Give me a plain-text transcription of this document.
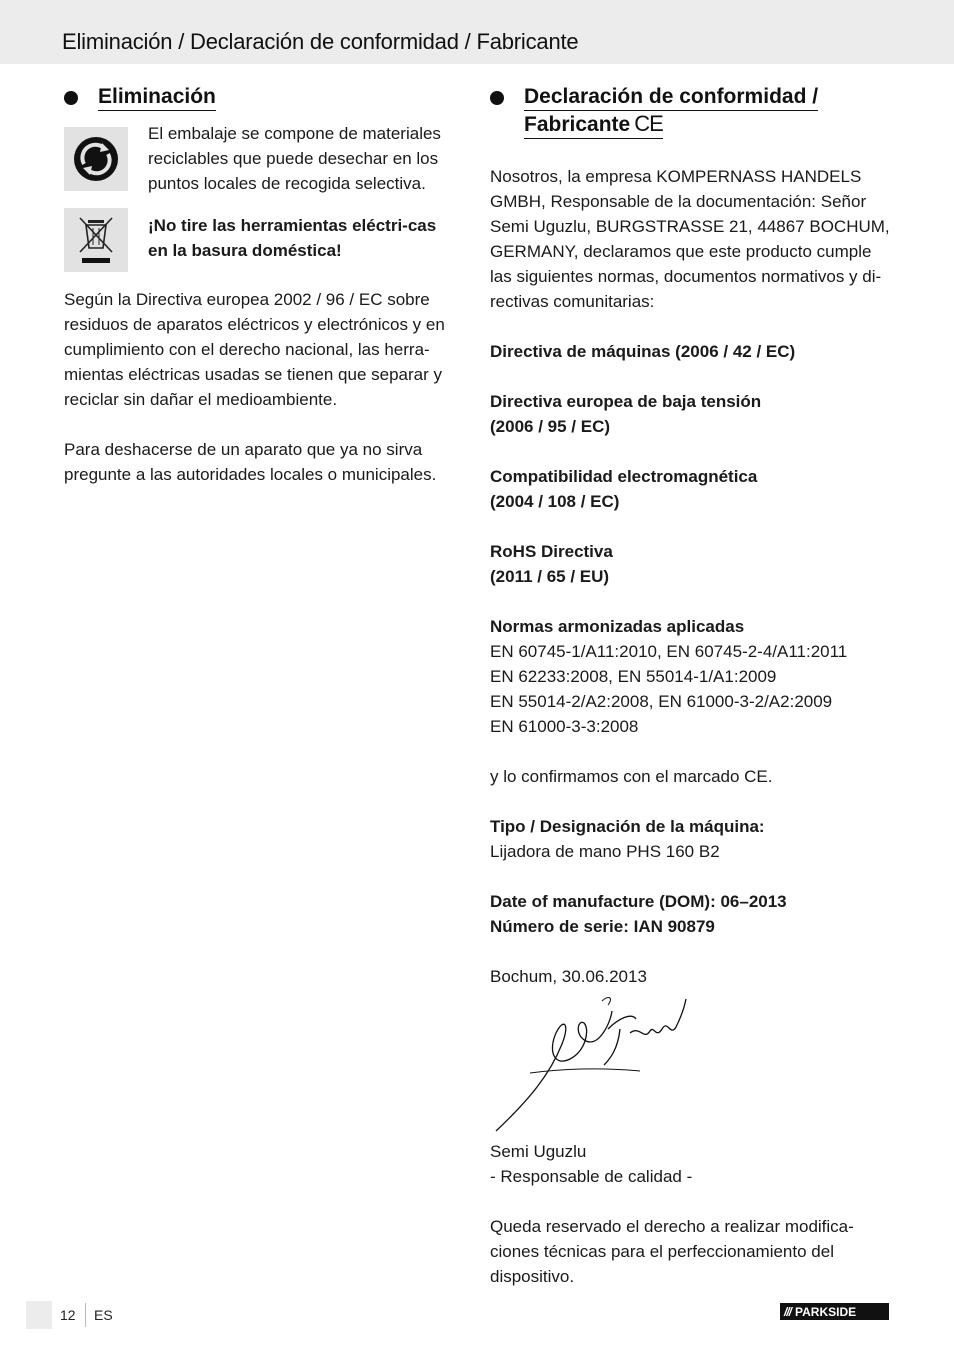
Eliminación / Declaración de conformidad / Fabricante
Eliminación
El embalaje se compone de materiales reciclables que puede desechar en los puntos locales de recogida selectiva.
¡No tire las herramientas eléctri-cas en la basura doméstica!

Según la Directiva europea 2002 / 96 / EC sobre residuos de aparatos eléctricos y electrónicos y en cumplimiento con el derecho nacional, las herra-mientas eléctricas usadas se tienen que separar y reciclar sin dañar el medioambiente.

Para deshacerse de un aparato que ya no sirva pregunte a las autoridades locales o municipales.

Declaración de conformidad /
Fabricante CE

Nosotros, la empresa KOMPERNASS HANDELS GMBH, Responsable de la documentación: Señor Semi Uguzlu, BURGSTRASSE 21, 44867 BOCHUM, GERMANY, declaramos que este producto cumple las siguientes normas, documentos normativos y di-rectivas comunitarias:

Directiva de máquinas (2006 / 42 / EC)

Directiva europea de baja tensión

(2006 / 95 / EC)

Compatibilidad electromagnética

(2004 / 108 / EC)

RoHS Directiva

(2011 / 65 / EU)

Normas armonizadas aplicadas

EN 60745-1/A11:2010, EN 60745-2-4/A11:2011

EN 62233:2008, EN 55014-1/A1:2009

EN 55014-2/A2:2008, EN 61000-3-2/A2:2009

EN 61000-3-3:2008

y lo confirmamos con el marcado CE.

Tipo / Designación de la máquina:

Lijadora de mano PHS 160 B2

Date of manufacture (DOM): 06–2013

Número de serie: IAN 90879

Bochum, 30.06.2013

Semi Uguzlu

- Responsable de calidad -

Queda reservado el derecho a realizar modifica-ciones técnicas para el perfeccionamiento del dispositivo.

12 ES	/// PARKSIDE
